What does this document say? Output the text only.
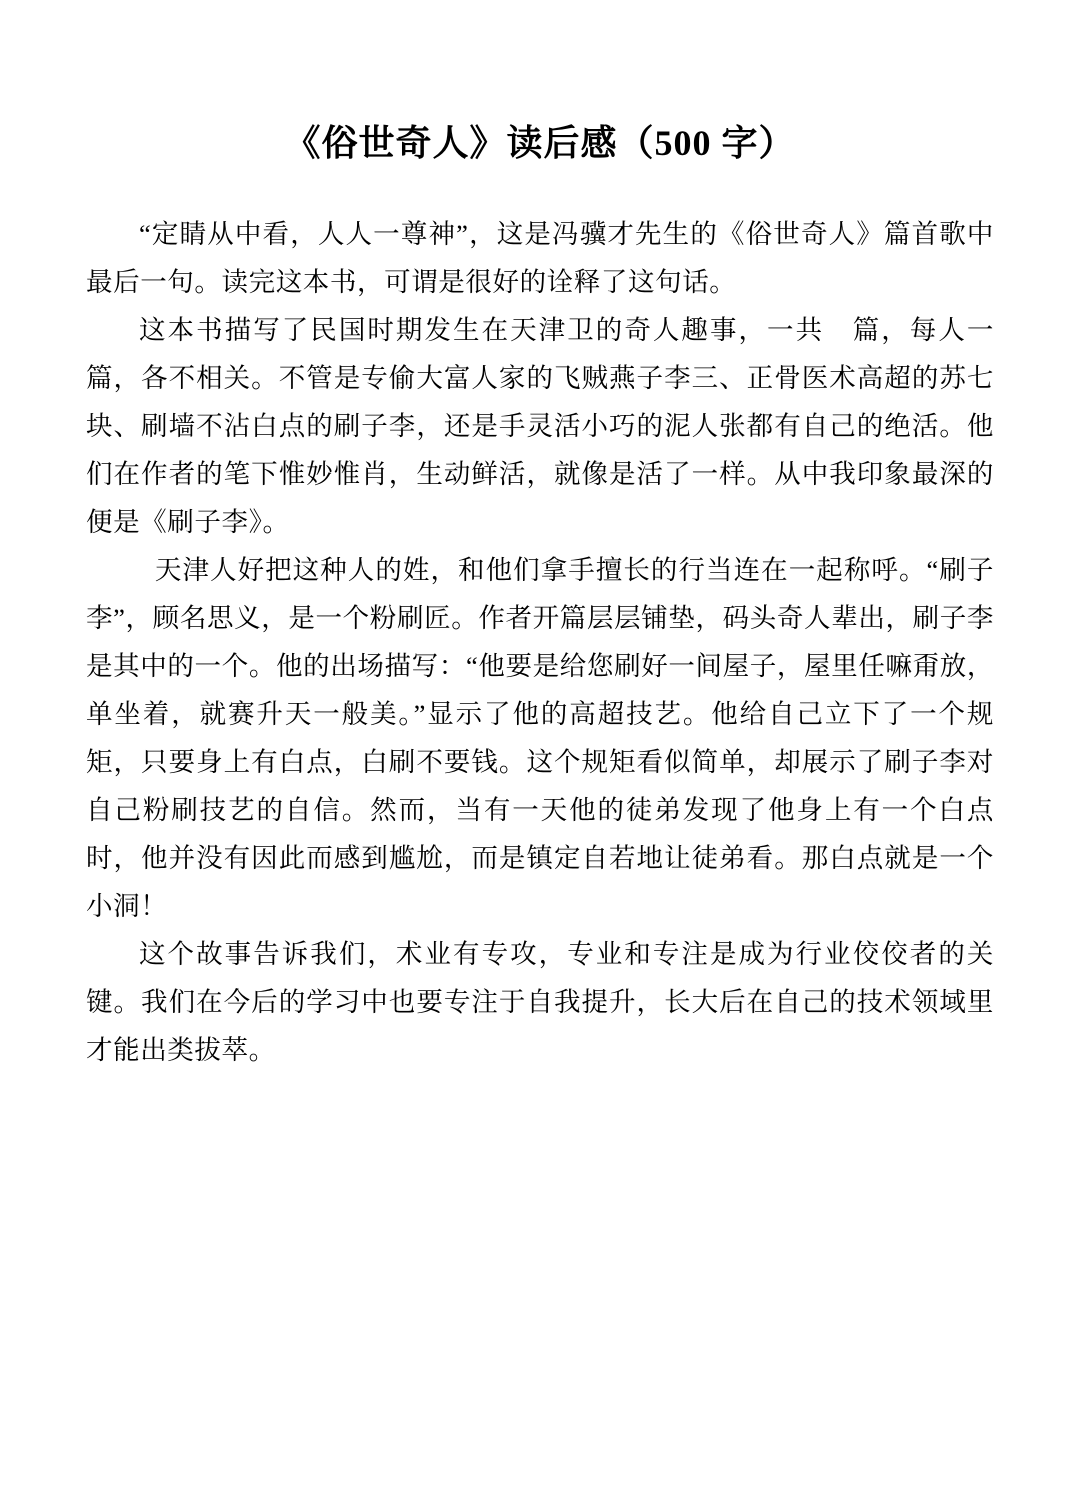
《俗世奇人》读后感（500 字）

“定睛从中看，人人一尊神”，这是冯骥才先生的《俗世奇人》篇首歌中最后一句。读完这本书，可谓是很好的诠释了这句话。

这本书描写了民国时期发生在天津卫的奇人趣事，一共　篇，每人一篇，各不相关。不管是专偷大富人家的飞贼燕子李三、正骨医术高超的苏七块、刷墙不沾白点的刷子李，还是手灵活小巧的泥人张都有自己的绝活。他们在作者的笔下惟妙惟肖，生动鲜活，就像是活了一样。从中我印象最深的便是《刷子李》。

天津人好把这种人的姓，和他们拿手擅长的行当连在一起称呼。“刷子李”，顾名思义，是一个粉刷匠。作者开篇层层铺垫，码头奇人辈出，刷子李是其中的一个。他的出场描写：“他要是给您刷好一间屋子，屋里任嘛甭放，单坐着，就赛升天一般美。”显示了他的高超技艺。他给自己立下了一个规矩，只要身上有白点，白刷不要钱。这个规矩看似简单，却展示了刷子李对自己粉刷技艺的自信。然而，当有一天他的徒弟发现了他身上有一个白点时，他并没有因此而感到尴尬，而是镇定自若地让徒弟看。那白点就是一个小洞！

这个故事告诉我们，术业有专攻，专业和专注是成为行业佼佼者的关键。我们在今后的学习中也要专注于自我提升，长大后在自己的技术领域里才能出类拔萃。
